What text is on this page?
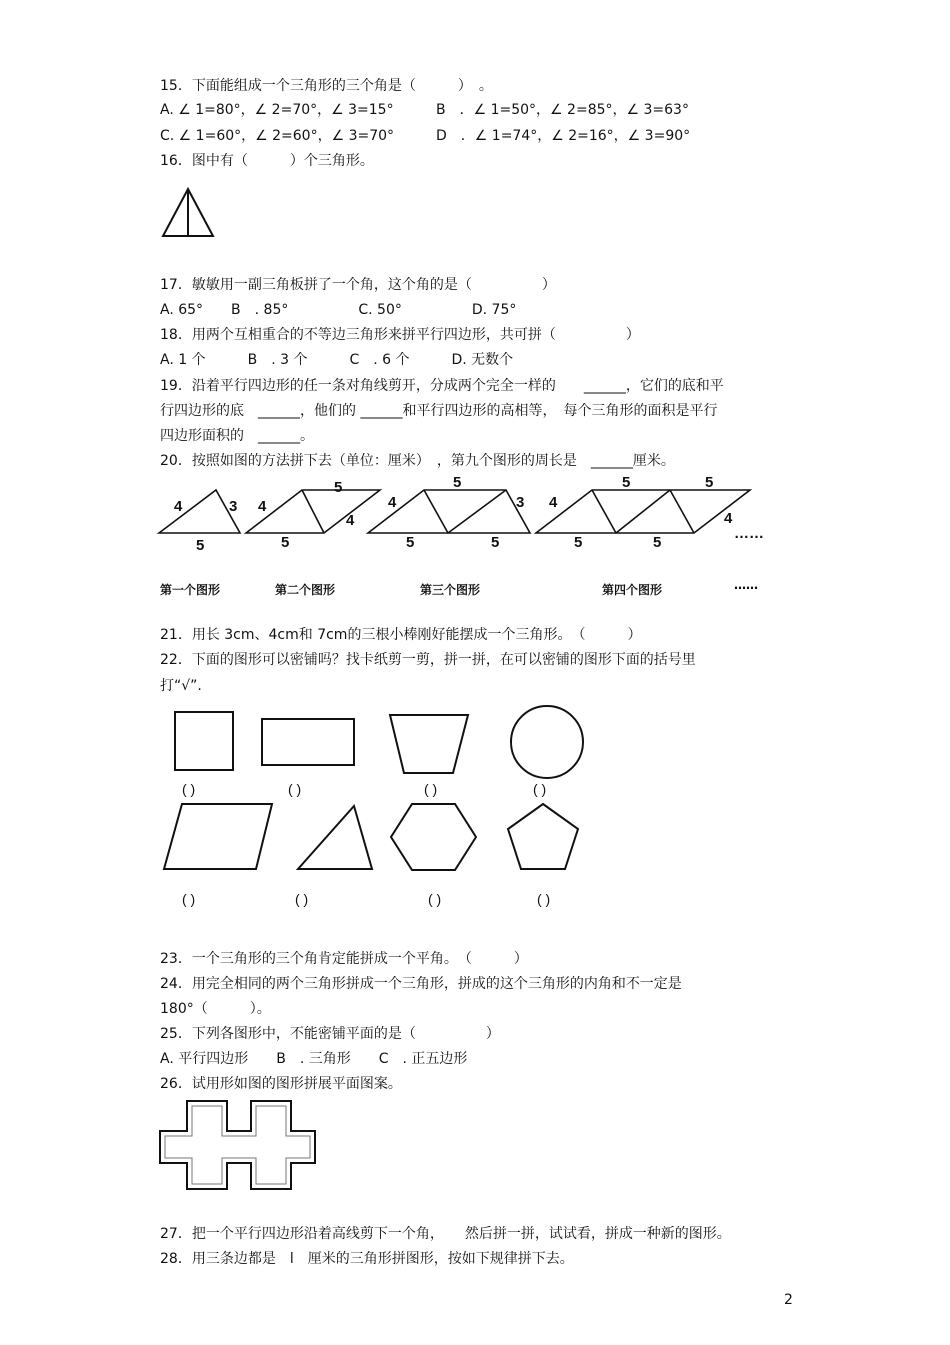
15．下面能组成一个三角形的三个角是（　　　）　。
A. ∠ 1=80°，∠ 2=70°，∠ 3=15°	B　．∠ 1=50°，∠ 2=85°，∠ 3=63°
C. ∠ 1=60°，∠ 2=60°，∠ 3=70°	D　．∠ 1=74°，∠ 2=16°，∠ 3=90°
16．图中有（　　　）个三角形。
17．敏敏用一副三角板拼了一个角，这个角的是（　　　　　）
A. 65°　　B　. 85°　　　　　C. 50°　　　　　D. 75°
18．用两个互相重合的不等边三角形来拼平行四边形，共可拼（　　　　　）
A. 1 个　　　B　. 3 个　　　C　. 6 个　　　D. 无数个
19．沿着平行四边形的任一条对角线剪开，分成两个完全一样的　　______，它们的底和平
行四边形的底　______，他们的 ______和平行四边形的高相等，　每个三角形的面积是平行
四边形面积的　______。
20．按照如图的方法拼下去（单位：厘米）　，第九个图形的周长是　______厘米。
4	3
5
4
5
4
5
4
5
3
5	5
4
5	5
4
5	5
……
第一个图形	第二个图形	第三个图形	第四个图形	……
21．用长 3cm、4cm和 7cm的三根小棒刚好能摆成一个三角形。　（　　　）
22．下面的图形可以密铺吗？找卡纸剪一剪，拼一拼，在可以密铺的图形下面的括号里
打“√”.
( )	( )	( )	( )
( )	( )	( )	( )
23．一个三角形的三个角肯定能拼成一个平角。　（　　　）
24．用完全相同的两个三角形拼成一个三角形，拼成的这个三角形的内角和不一定是
180°（　　　）。
25．下列各图形中，不能密铺平面的是（　　　　　）
A. 平行四边形　　B　. 三角形　　C　. 正五边形
26．试用形如图的图形拼展平面图案。
27．把一个平行四边形沿着高线剪下一个角，　　然后拼一拼，试试看，拼成一种新的图形。
28．用三条边都是　l　厘米的三角形拼图形，按如下规律拼下去。
2
